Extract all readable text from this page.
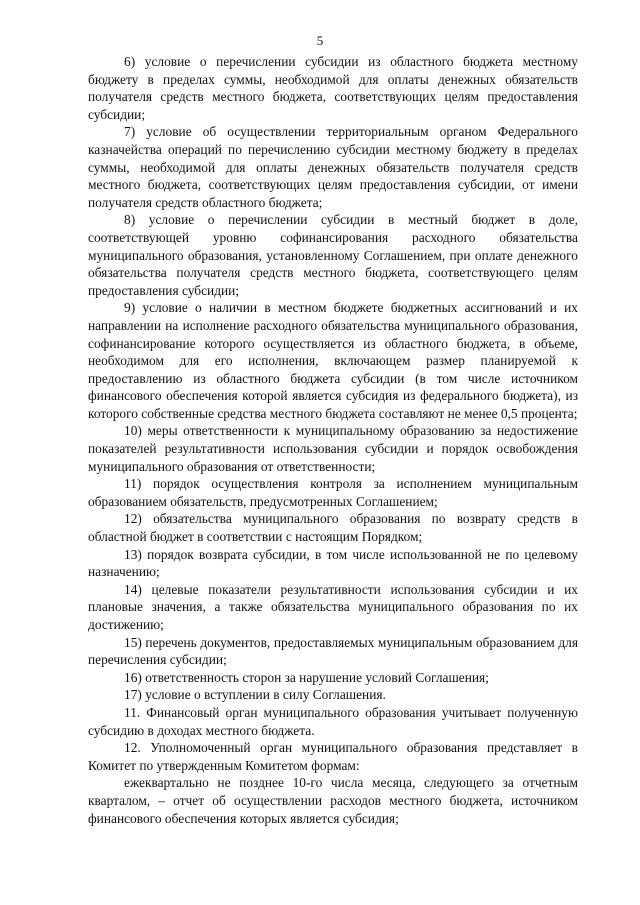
5

6) условие о перечислении субсидии из областного бюджета местному бюджету в пределах суммы, необходимой для оплаты денежных обязательств получателя средств местного бюджета, соответствующих целям предоставления субсидии;

7) условие об осуществлении территориальным органом Федерального казначейства операций по перечислению субсидии местному бюджету в пределах суммы, необходимой для оплаты денежных обязательств получателя средств местного бюджета, соответствующих целям предоставления субсидии, от имени получателя средств областного бюджета;

8) условие о перечислении субсидии в местный бюджет в доле, соответствующей уровню софинансирования расходного обязательства муниципального образования, установленному Соглашением, при оплате денежного обязательства получателя средств местного бюджета, соответствующего целям предоставления субсидии;

9) условие о наличии в местном бюджете бюджетных ассигнований и их направлении на исполнение расходного обязательства муниципального образования, софинансирование которого осуществляется из областного бюджета, в объеме, необходимом для его исполнения, включающем размер планируемой к предоставлению из областного бюджета субсидии (в том числе источником финансового обеспечения которой является субсидия из федерального бюджета), из которого собственные средства местного бюджета составляют не менее 0,5 процента;

10) меры ответственности к муниципальному образованию за недостижение показателей результативности использования субсидии и порядок освобождения муниципального образования от ответственности;

11) порядок осуществления контроля за исполнением муниципальным образованием обязательств, предусмотренных Соглашением;

12) обязательства муниципального образования по возврату средств в областной бюджет в соответствии с настоящим Порядком;

13) порядок возврата субсидии, в том числе использованной не по целевому назначению;

14) целевые показатели результативности использования субсидии и их плановые значения, а также обязательства муниципального образования по их достижению;

15) перечень документов, предоставляемых муниципальным образованием для перечисления субсидии;

16) ответственность сторон за нарушение условий Соглашения;

17) условие о вступлении в силу Соглашения.

11. Финансовый орган муниципального образования учитывает полученную субсидию в доходах местного бюджета.

12. Уполномоченный орган муниципального образования представляет в Комитет по утвержденным Комитетом формам:

ежеквартально не позднее 10-го числа месяца, следующего за отчетным кварталом, – отчет об осуществлении расходов местного бюджета, источником финансового обеспечения которых является субсидия;
